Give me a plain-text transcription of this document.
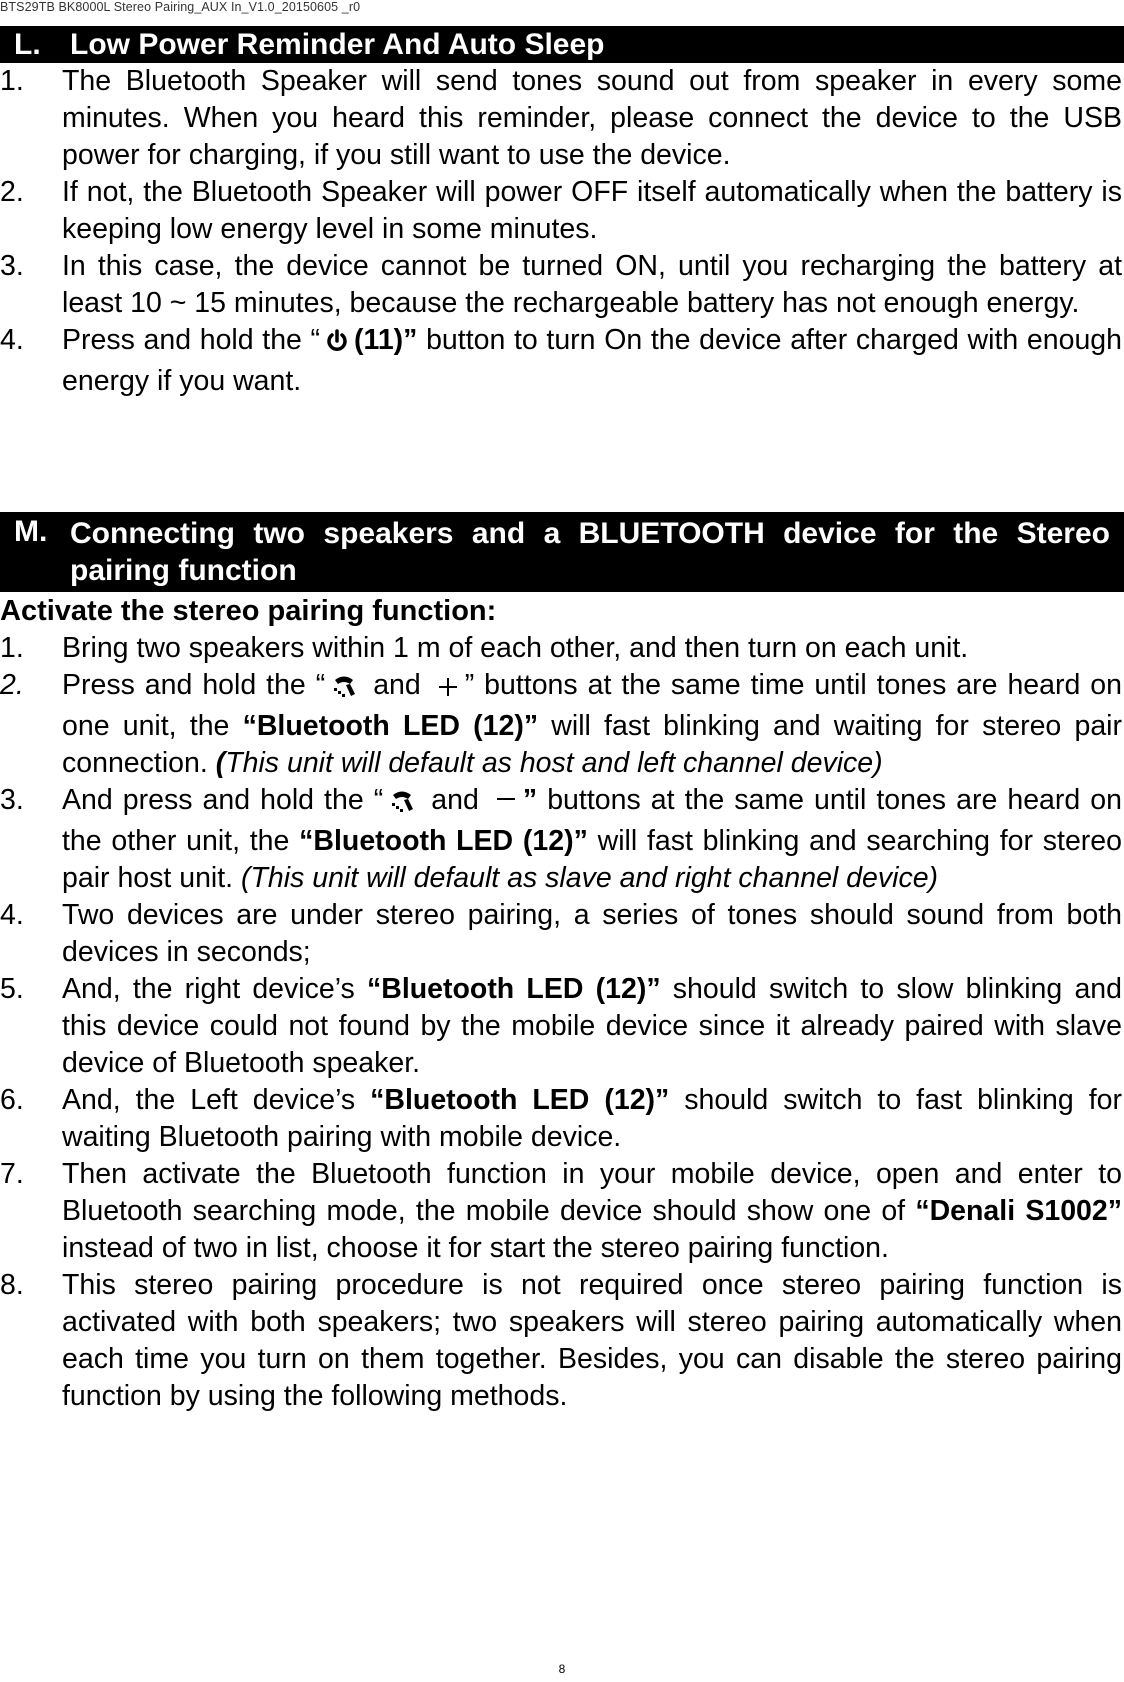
BTS29TB BK8000L Stereo Pairing_AUX In_V1.0_20150605 _r0
L. Low Power Reminder And Auto Sleep
1.	The Bluetooth Speaker will send tones sound out from speaker in every some minutes. When you heard this reminder, please connect the device to the USB power for charging, if you still want to use the device.
2.	If not, the Bluetooth Speaker will power OFF itself automatically when the battery is keeping low energy level in some minutes.
3.	In this case, the device cannot be turned ON, until you recharging the battery at least 10 ~ 15 minutes, because the rechargeable battery has not enough energy.
4.	Press and hold the “ (11)” button to turn On the device after charged with enough energy if you want.
M. Connecting two speakers and a BLUETOOTH device for the Stereo pairing function
Activate the stereo pairing function:
1.	Bring two speakers within 1 m of each other, and then turn on each unit.
2.	Press and hold the “ and ” buttons at the same time until tones are heard on one unit, the “Bluetooth LED (12)” will fast blinking and waiting for stereo pair connection. (This unit will default as host and left channel device)
3.	And press and hold the “ and ” buttons at the same until tones are heard on the other unit, the “Bluetooth LED (12)” will fast blinking and searching for stereo pair host unit. (This unit will default as slave and right channel device)
4.	Two devices are under stereo pairing, a series of tones should sound from both devices in seconds;
5.	And, the right device’s “Bluetooth LED (12)” should switch to slow blinking and this device could not found by the mobile device since it already paired with slave device of Bluetooth speaker.
6.	And, the Left device’s “Bluetooth LED (12)” should switch to fast blinking for waiting Bluetooth pairing with mobile device.
7.	Then activate the Bluetooth function in your mobile device, open and enter to Bluetooth searching mode, the mobile device should show one of “Denali S1002” instead of two in list, choose it for start the stereo pairing function.
8.	This stereo pairing procedure is not required once stereo pairing function is activated with both speakers; two speakers will stereo pairing automatically when each time you turn on them together. Besides, you can disable the stereo pairing function by using the following methods.
8
